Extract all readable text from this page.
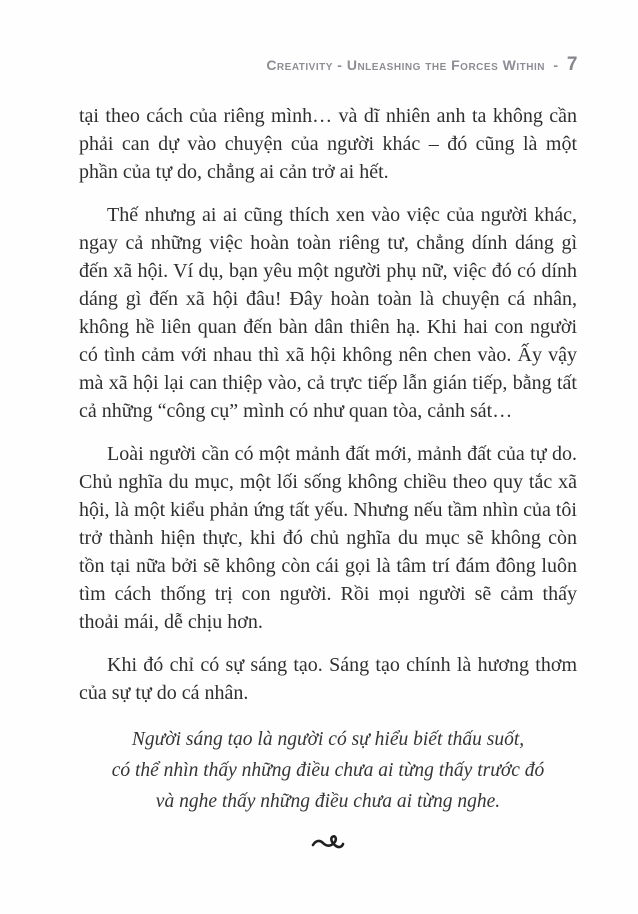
Creativity - Unleashing the Forces Within - 7

tại theo cách của riêng mình… và dĩ nhiên anh ta không cần phải can dự vào chuyện của người khác – đó cũng là một phần của tự do, chẳng ai cản trở ai hết.

Thế nhưng ai ai cũng thích xen vào việc của người khác, ngay cả những việc hoàn toàn riêng tư, chẳng dính dáng gì đến xã hội. Ví dụ, bạn yêu một người phụ nữ, việc đó có dính dáng gì đến xã hội đâu! Đây hoàn toàn là chuyện cá nhân, không hề liên quan đến bàn dân thiên hạ. Khi hai con người có tình cảm với nhau thì xã hội không nên chen vào. Ấy vậy mà xã hội lại can thiệp vào, cả trực tiếp lẫn gián tiếp, bằng tất cả những “công cụ” mình có như quan tòa, cảnh sát…

Loài người cần có một mảnh đất mới, mảnh đất của tự do. Chủ nghĩa du mục, một lối sống không chiều theo quy tắc xã hội, là một kiểu phản ứng tất yếu. Nhưng nếu tầm nhìn của tôi trở thành hiện thực, khi đó chủ nghĩa du mục sẽ không còn tồn tại nữa bởi sẽ không còn cái gọi là tâm trí đám đông luôn tìm cách thống trị con người. Rồi mọi người sẽ cảm thấy thoải mái, dễ chịu hơn.

Khi đó chỉ có sự sáng tạo. Sáng tạo chính là hương thơm của sự tự do cá nhân.

Người sáng tạo là người có sự hiểu biết thấu suốt,
có thể nhìn thấy những điều chưa ai từng thấy trước đó
và nghe thấy những điều chưa ai từng nghe.
